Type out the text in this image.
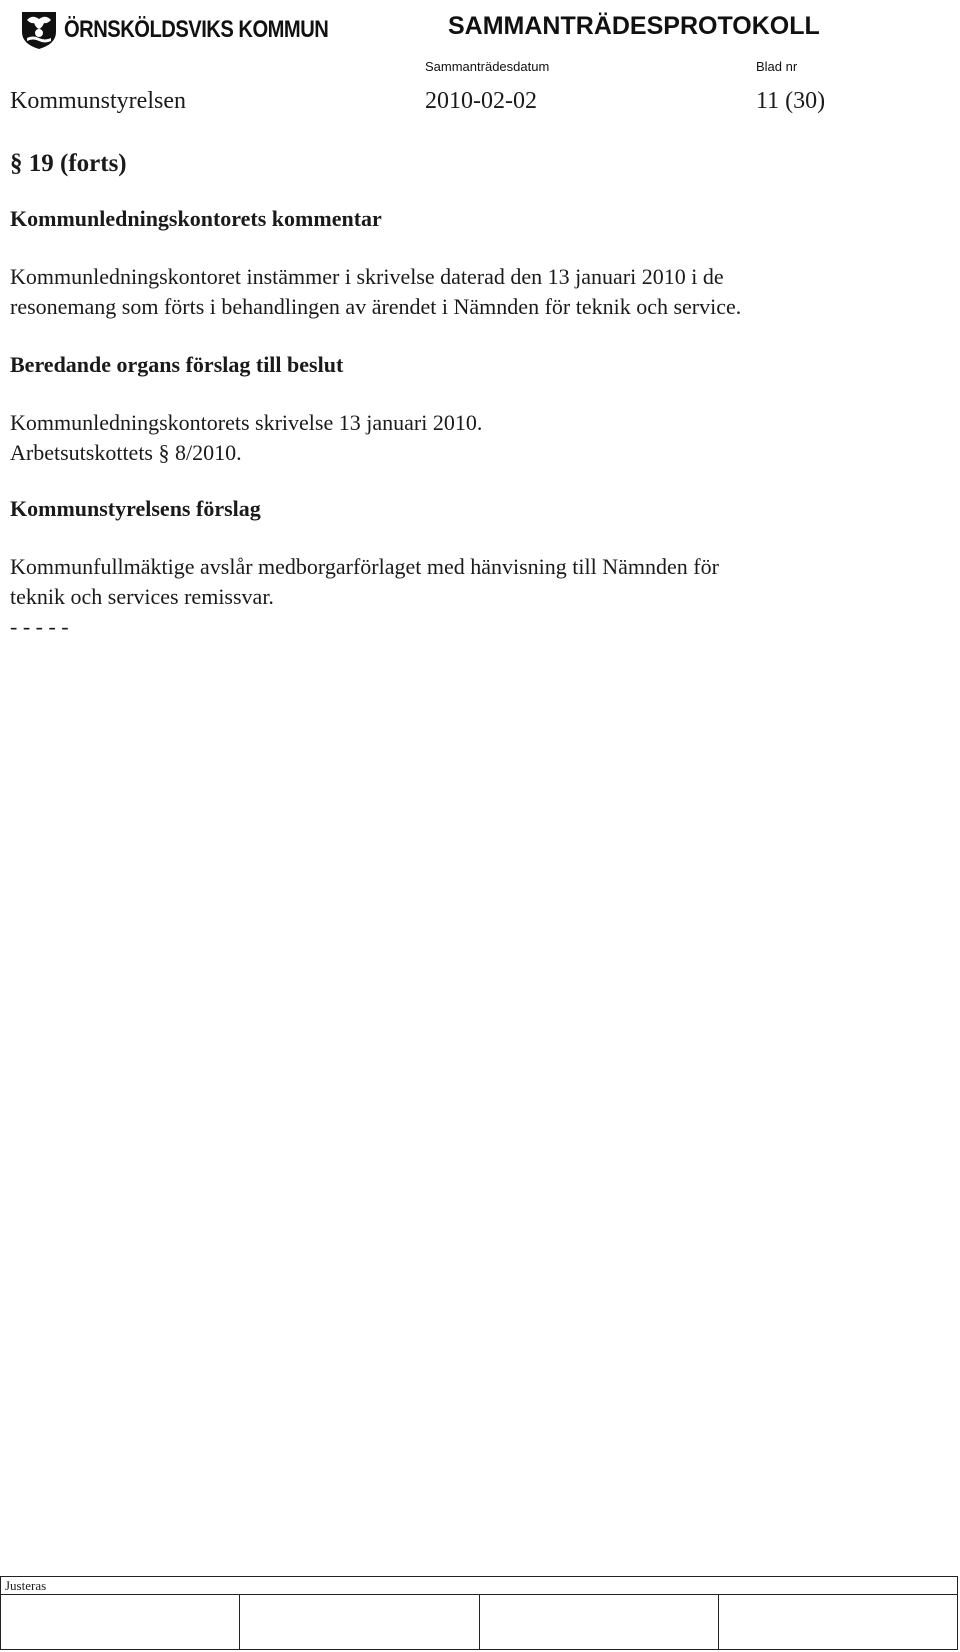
ÖRNSKÖLDSVIKS KOMMUN	SAMMANTRÄDESPROTOKOLL
Sammanträdesdatum	Blad nr
Kommunstyrelsen	2010-02-02	11 (30)
§ 19 (forts)
Kommunledningskontorets kommentar
Kommunledningskontoret instämmer i skrivelse daterad den 13 januari 2010 i de
resonemang som förts i behandlingen av ärendet i Nämnden för teknik och service.
Beredande organs förslag till beslut
Kommunledningskontorets skrivelse 13 januari 2010.
Arbetsutskottets § 8/2010.
Kommunstyrelsens förslag
Kommunfullmäktige avslår medborgarförlaget med hänvisning till Nämnden för
teknik och services remissvar.
- - - - -
Justeras
